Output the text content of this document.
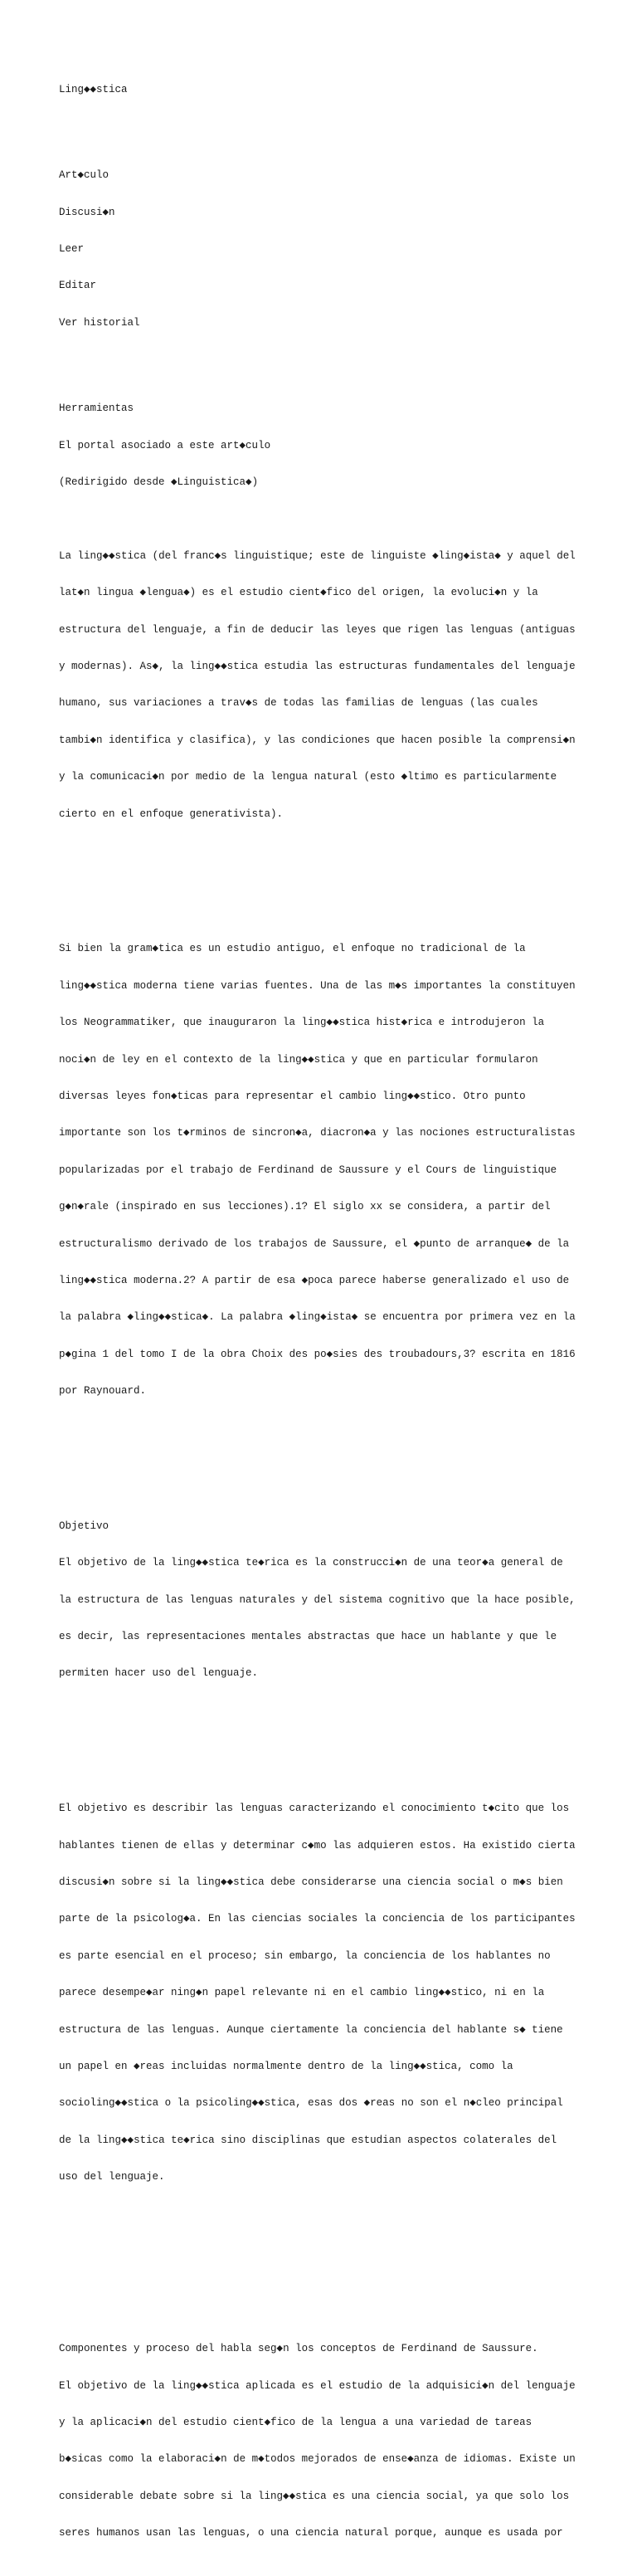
Ling◆◆stica

Art◆culo

Discusi◆n

Leer

Editar

Ver historial

Herramientas

El portal asociado a este art◆culo

(Redirigido desde ◆Linguistica◆)

La ling◆◆stica (del franc◆s linguistique; este de linguiste ◆ling◆ista◆ y aquel del

lat◆n lingua ◆lengua◆) es el estudio cient◆fico del origen, la evoluci◆n y la

estructura del lenguaje, a fin de deducir las leyes que rigen las lenguas (antiguas

y modernas). As◆, la ling◆◆stica estudia las estructuras fundamentales del lenguaje

humano, sus variaciones a trav◆s de todas las familias de lenguas (las cuales

tambi◆n identifica y clasifica), y las condiciones que hacen posible la comprensi◆n

y la comunicaci◆n por medio de la lengua natural (esto ◆ltimo es particularmente

cierto en el enfoque generativista).

Si bien la gram◆tica es un estudio antiguo, el enfoque no tradicional de la

ling◆◆stica moderna tiene varias fuentes. Una de las m◆s importantes la constituyen

los Neogrammatiker, que inauguraron la ling◆◆stica hist◆rica e introdujeron la

noci◆n de ley en el contexto de la ling◆◆stica y que en particular formularon

diversas leyes fon◆ticas para representar el cambio ling◆◆stico. Otro punto

importante son los t◆rminos de sincron◆a, diacron◆a y las nociones estructuralistas

popularizadas por el trabajo de Ferdinand de Saussure y el Cours de linguistique

g◆n◆rale (inspirado en sus lecciones).1? El siglo xx se considera, a partir del

estructuralismo derivado de los trabajos de Saussure, el ◆punto de arranque◆ de la

ling◆◆stica moderna.2? A partir de esa ◆poca parece haberse generalizado el uso de

la palabra ◆ling◆◆stica◆. La palabra ◆ling◆ista◆ se encuentra por primera vez en la

p◆gina 1 del tomo I de la obra Choix des po◆sies des troubadours,3? escrita en 1816

por Raynouard.

Objetivo

El objetivo de la ling◆◆stica te◆rica es la construcci◆n de una teor◆a general de

la estructura de las lenguas naturales y del sistema cognitivo que la hace posible,

es decir, las representaciones mentales abstractas que hace un hablante y que le

permiten hacer uso del lenguaje.

El objetivo es describir las lenguas caracterizando el conocimiento t◆cito que los

hablantes tienen de ellas y determinar c◆mo las adquieren estos. Ha existido cierta

discusi◆n sobre si la ling◆◆stica debe considerarse una ciencia social o m◆s bien

parte de la psicolog◆a. En las ciencias sociales la conciencia de los participantes

es parte esencial en el proceso; sin embargo, la conciencia de los hablantes no

parece desempe◆ar ning◆n papel relevante ni en el cambio ling◆◆stico, ni en la

estructura de las lenguas. Aunque ciertamente la conciencia del hablante s◆ tiene

un papel en ◆reas incluidas normalmente dentro de la ling◆◆stica, como la

socioling◆◆stica o la psicoling◆◆stica, esas dos ◆reas no son el n◆cleo principal

de la ling◆◆stica te◆rica sino disciplinas que estudian aspectos colaterales del

uso del lenguaje.

Componentes y proceso del habla seg◆n los conceptos de Ferdinand de Saussure.

El objetivo de la ling◆◆stica aplicada es el estudio de la adquisici◆n del lenguaje

y la aplicaci◆n del estudio cient◆fico de la lengua a una variedad de tareas

b◆sicas como la elaboraci◆n de m◆todos mejorados de ense◆anza de idiomas. Existe un

considerable debate sobre si la ling◆◆stica es una ciencia social, ya que solo los

seres humanos usan las lenguas, o una ciencia natural porque, aunque es usada por
